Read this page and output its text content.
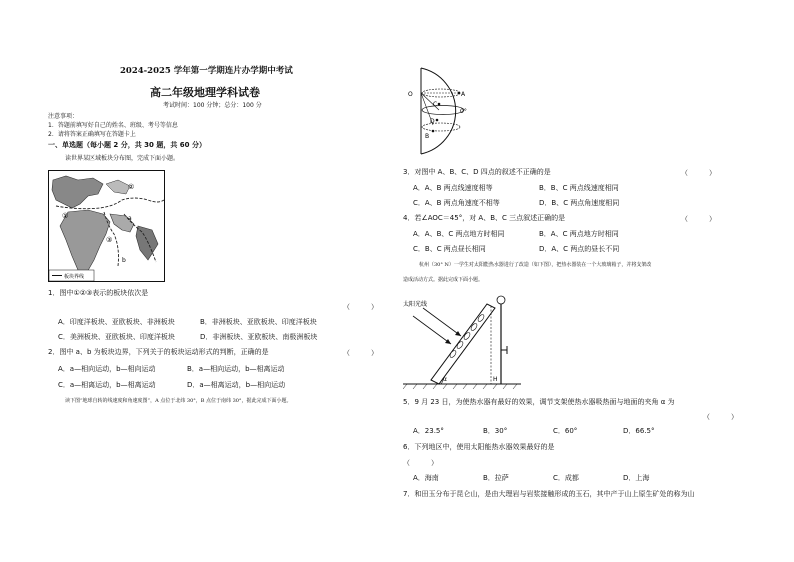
2024-2025 学年第一学期连片办学期中考试
高二年级地理学科试卷
考试时间：100 分钟；总分：100 分
注意事项：
1．答题前填写好自己的姓名、班级、考号等信息
2．请将答案正确填写在答题卡上
一、单选题（每小题 2 分，共 30 题，共 60 分）
读世界某区域板块分布图，完成下面小题。
①
②
③
a
b
板块界线
1．图中①②③表示的板块依次是
（　　　）
A．印度洋板块、亚欧板块、非洲板块	B．非洲板块、亚欧板块、印度洋板块
C．美洲板块、亚欧板块、印度洋板块	D．非洲板块、亚欧板块、南极洲板块
2．图中 a、b 为板块边界，下列关于的板块运动形式的判断，正确的是	（　　　）
A．a—相向运动，b—相向运动	B．a—相向运动，b—相离运动
C．a—相离运动，b—相离运动	D．a—相离运动，b—相向运动
读下图“地球自转的线速度和角速度图”，A 点位于北纬 30°，B 点位于南纬 30°，据此完成下面小题。
O	A
C
0°
D
B
3．对图中 A、B、C、D 四点的叙述不正确的是	（　　　）
A．A、B 两点线速度相等	B．B、C 两点线速度相同
C．A、B 两点角速度不相等	D．B、C 两点角速度相同
4．若∠AOC＝45°，对 A、B、C 三点叙述正确的是	（　　　）
A．A、B、C 两点地方时相同	B．A、C 两点地方时相同
C．B、C 两点昼长相同	D．A、C 两点的昼长不同
杭州（30° N）一学生对太阳能热水器进行了改造（如下图），把热水器装在一个大玻璃箱子，并将支架改
造成活动方式。据此完成下面小题。
太阳光线
α	H
5．9 月 23 日，为使热水器有最好的效果，调节支架使热水器吸热面与地面的夹角 α 为
（　　　）
A．23.5°	B．30°	C．60°	D．66.5°
6．下列地区中，使用太阳能热水器效果最好的是
（　　　）
A．海南	B．拉萨	C．成都	D．上海
7．和田玉分布于昆仑山，是由大理岩与岩浆接触形成的玉石，其中产于山上原生矿处的称为山
